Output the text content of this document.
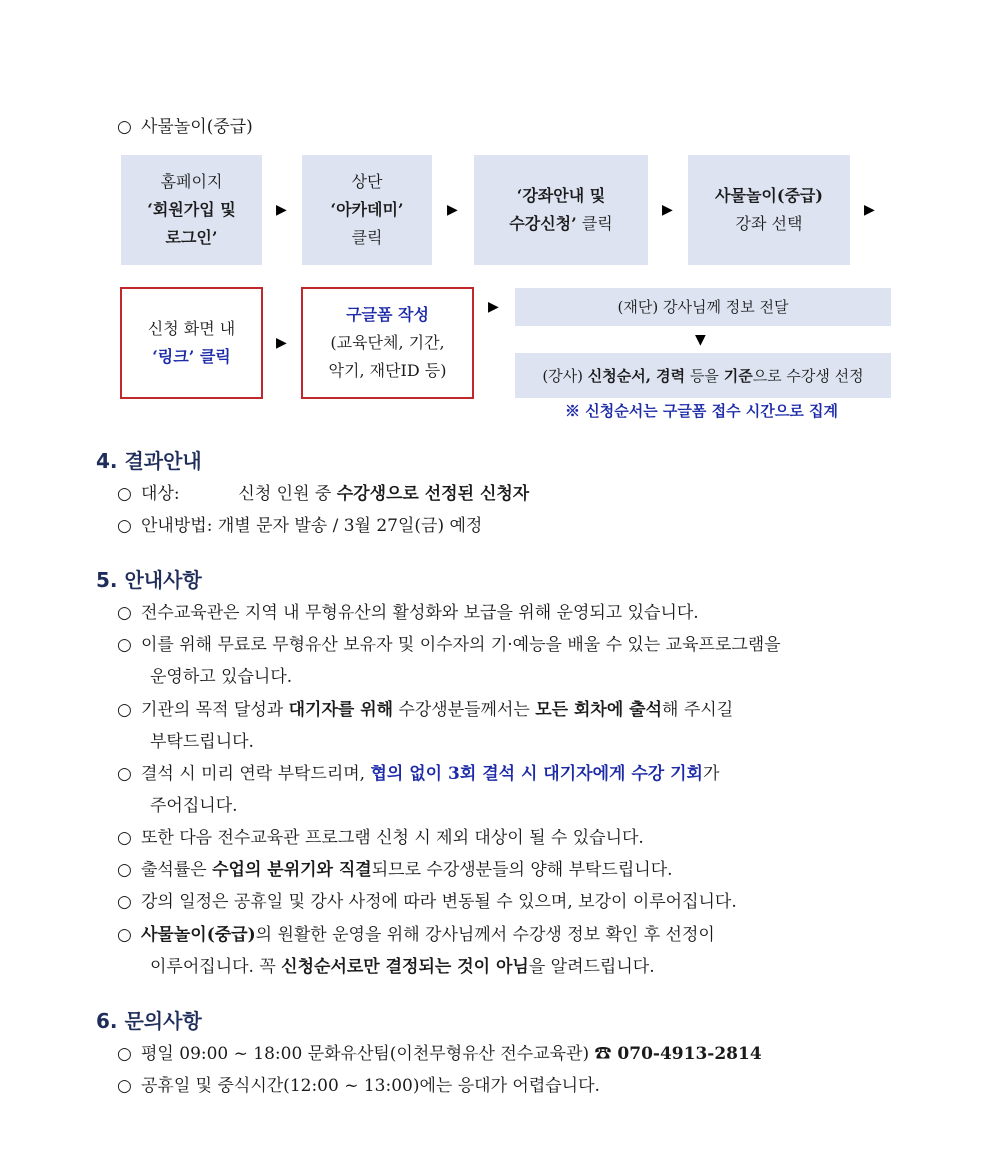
○ 사물놀이(중급)
홈페이지
‘회원가입 및
로그인’
▶
상단
‘아카데미’
클릭
▶
‘강좌안내 및
수강신청’ 클릭
▶
사물놀이(중급)
강좌 선택
▶
신청 화면 내
‘링크’ 클릭
▶
구글폼 작성
(교육단체, 기간,
악기, 재단ID 등)
▶	(재단) 강사님께 정보 전달
▼
(강사) 신청순서, 경력 등을 기준으로 수강생 선정
※ 신청순서는 구글폼 접수 시간으로 집계
4. 결과안내
○ 대상:	신청 인원 중 수강생으로 선정된 신청자
○ 안내방법: 개별 문자 발송 / 3월 27일(금) 예정
5. 안내사항
○ 전수교육관은 지역 내 무형유산의 활성화와 보급을 위해 운영되고 있습니다.
○ 이를 위해 무료로 무형유산 보유자 및 이수자의 기·예능을 배울 수 있는 교육프로그램을
운영하고 있습니다.
○ 기관의 목적 달성과 대기자를 위해 수강생분들께서는 모든 회차에 출석해 주시길
부탁드립니다.
○ 결석 시 미리 연락 부탁드리며, 협의 없이 3회 결석 시 대기자에게 수강 기회가
주어집니다.
○ 또한 다음 전수교육관 프로그램 신청 시 제외 대상이 될 수 있습니다.
○ 출석률은 수업의 분위기와 직결되므로 수강생분들의 양해 부탁드립니다.
○ 강의 일정은 공휴일 및 강사 사정에 따라 변동될 수 있으며, 보강이 이루어집니다.
○ 사물놀이(중급)의 원활한 운영을 위해 강사님께서 수강생 정보 확인 후 선정이
이루어집니다. 꼭 신청순서로만 결정되는 것이 아님을 알려드립니다.
6. 문의사항
○ 평일 09:00 ~ 18:00 문화유산팀(이천무형유산 전수교육관) ☎ 070-4913-2814
○ 공휴일 및 중식시간(12:00 ~ 13:00)에는 응대가 어렵습니다.
